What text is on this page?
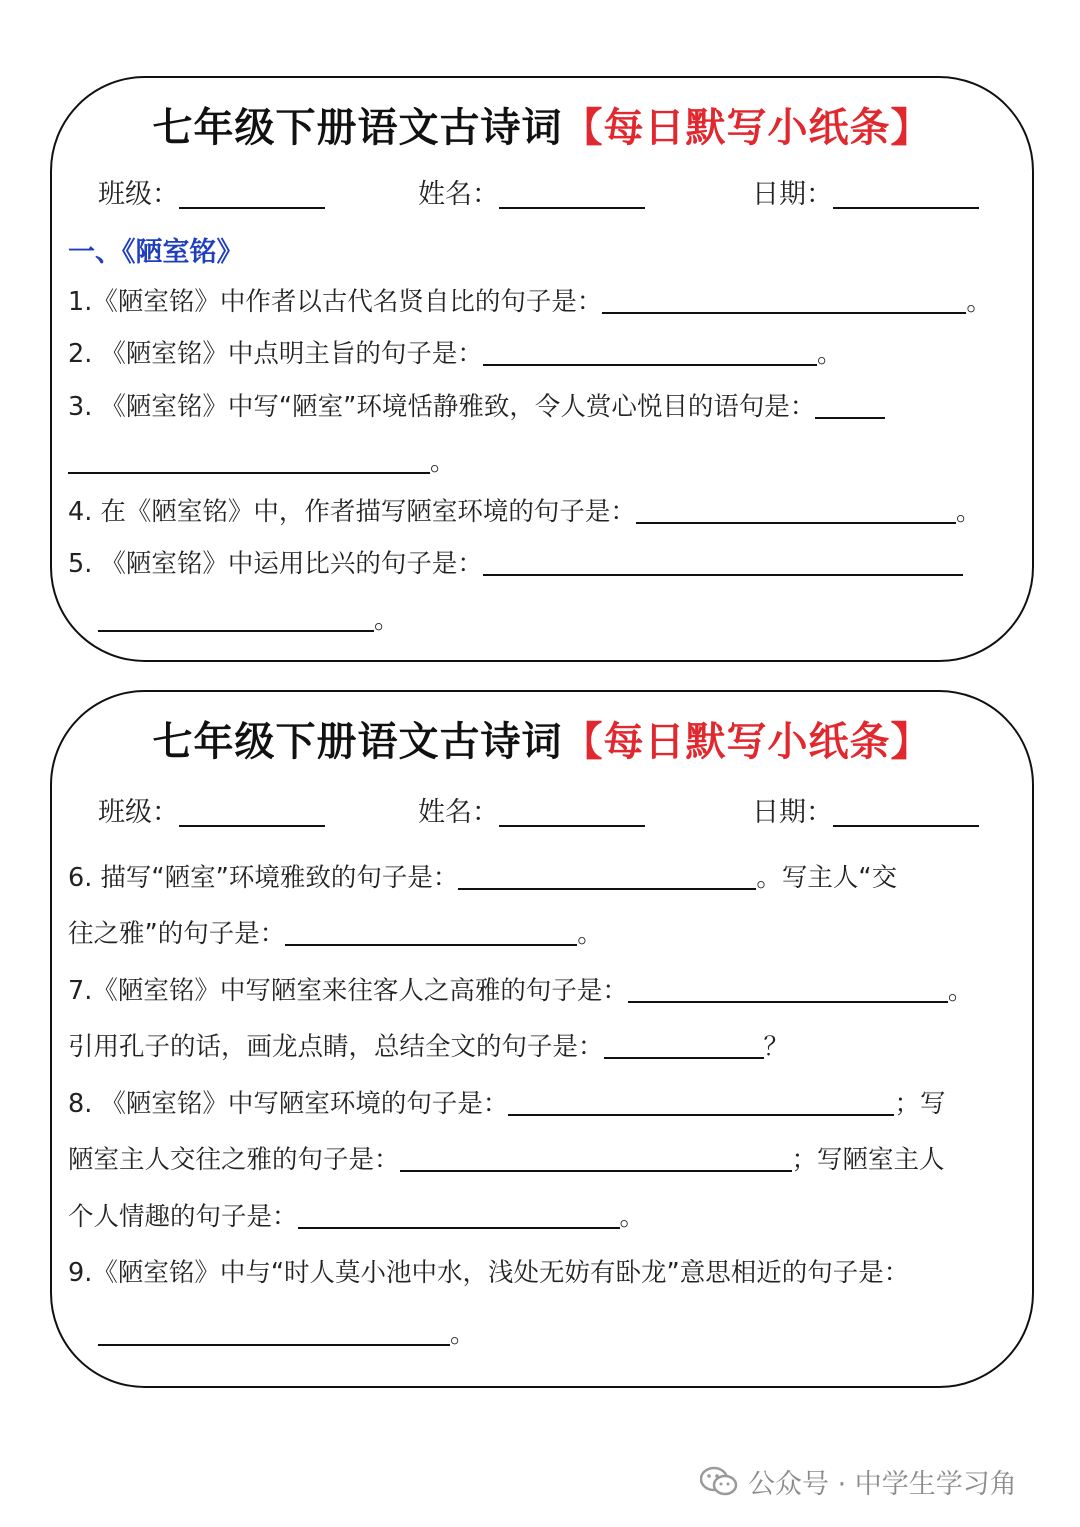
七年级下册语文古诗词【每日默写小纸条】
班级：	姓名：	日期：
一、《陋室铭》
1.《陋室铭》中作者以古代名贤自比的句子是：	。
2. 《陋室铭》中点明主旨的句子是：	。
3. 《陋室铭》中写“陋室”环境恬静雅致，令人赏心悦目的语句是：
。
4. 在《陋室铭》中，作者描写陋室环境的句子是：	。
5. 《陋室铭》中运用比兴的句子是：
。
七年级下册语文古诗词【每日默写小纸条】
班级：	姓名：	日期：
6. 描写“陋室”环境雅致的句子是：	。写主人“交
往之雅”的句子是：	。
7.《陋室铭》中写陋室来往客人之高雅的句子是：	。
引用孔子的话，画龙点睛，总结全文的句子是：	？
8. 《陋室铭》中写陋室环境的句子是：	；写
陋室主人交往之雅的句子是：	；写陋室主人
个人情趣的句子是：	。
9.《陋室铭》中与“时人莫小池中水，浅处无妨有卧龙”意思相近的句子是：
。
公众号 · 中学生学习角
